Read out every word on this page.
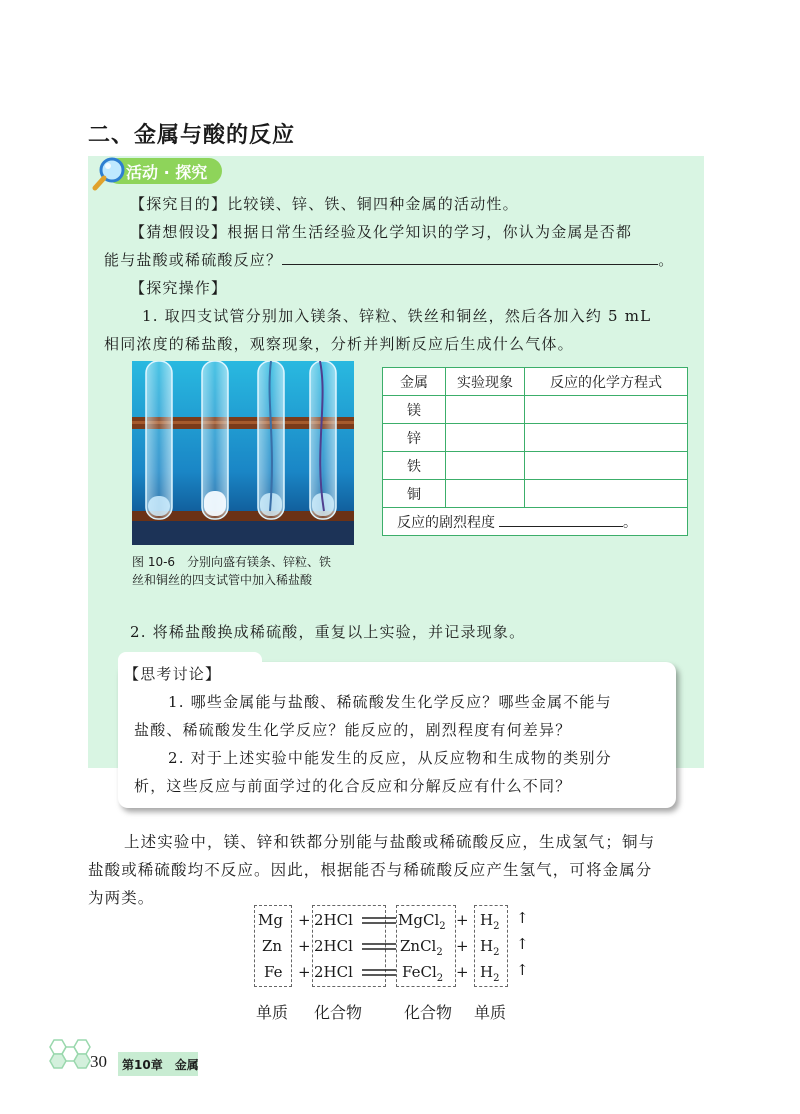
二、金属与酸的反应
活动 · 探究
【探究目的】比较镁、锌、铁、铜四种金属的活动性。
【猜想假设】根据日常生活经验及化学知识的学习，你认为金属是否都
能与盐酸或稀硫酸反应？	。
【探究操作】
1. 取四支试管分别加入镁条、锌粒、铁丝和铜丝，然后各加入约 5 mL
相同浓度的稀盐酸，观察现象，分析并判断反应后生成什么气体。
图 10-6　分别向盛有镁条、锌粒、铁
丝和铜丝的四支试管中加入稀盐酸
金属	实验现象	反应的化学方程式
镁		
锌		
铁		
铜		
反应的剧烈程度 。		
2. 将稀盐酸换成稀硫酸，重复以上实验，并记录现象。
【思考讨论】
1. 哪些金属能与盐酸、稀硫酸发生化学反应？哪些金属不能与
盐酸、稀硫酸发生化学反应？能反应的，剧烈程度有何差异？
2. 对于上述实验中能发生的反应，从反应物和生成物的类别分
析，这些反应与前面学过的化合反应和分解反应有什么不同？
上述实验中，镁、锌和铁都分别能与盐酸或稀硫酸反应，生成氢气；铜与
盐酸或稀硫酸均不反应。因此，根据能否与稀硫酸反应产生氢气，可将金属分
为两类。
Mg + 2HCl	MgCl$_2$ + $H_2$ ↑
Zn + 2HCl	ZnCl$_2$ + $H_2$ ↑
Fe + 2HCl	FeCl$_2$ + $H_2$ ↑
单质 化合物	化合物 单质
30 第10章　金属
